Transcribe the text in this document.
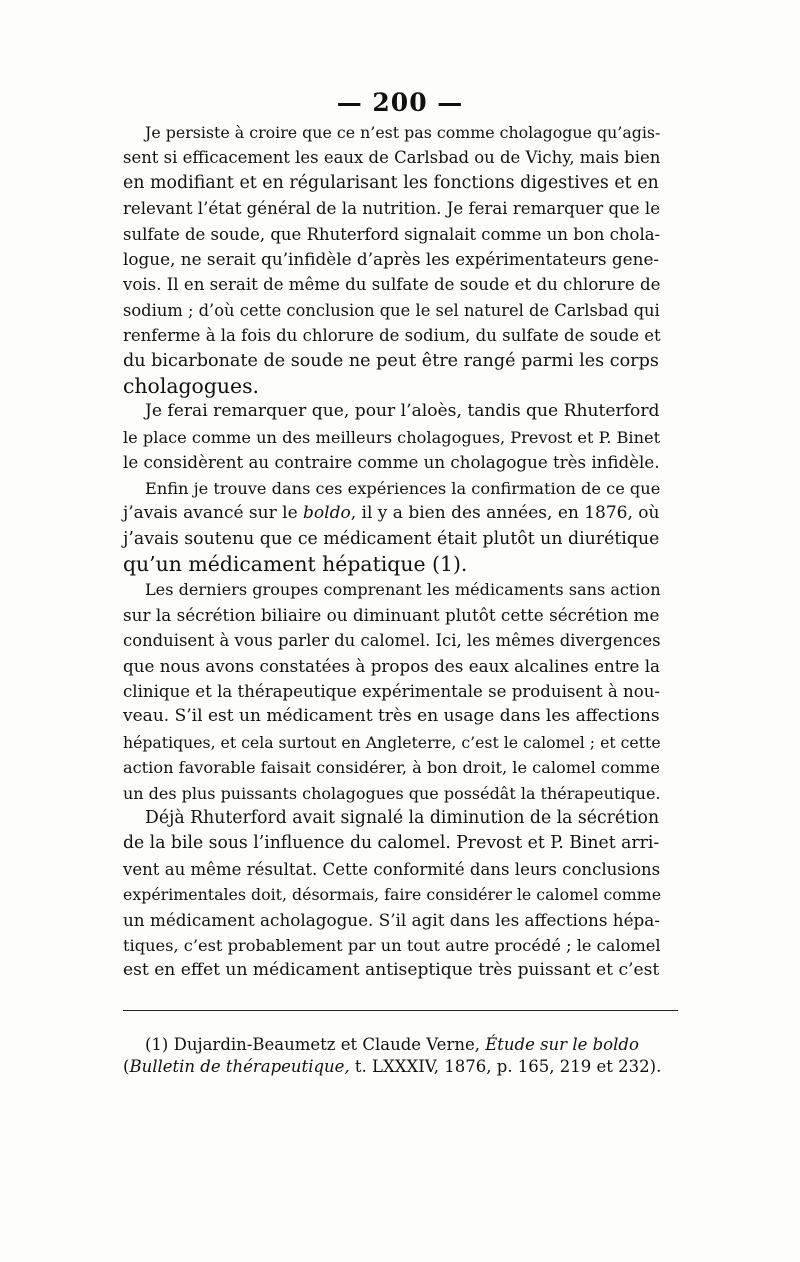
— 200 —
Je persiste à croire que ce n’est pas comme cholagogue qu’agis-
sent si efficacement les eaux de Carlsbad ou de Vichy, mais bien
en modifiant et en régularisant les fonctions digestives et en
relevant l’état général de la nutrition. Je ferai remarquer que le
sulfate de soude, que Rhuterford signalait comme un bon chola-
logue, ne serait qu’infidèle d’après les expérimentateurs gene-
vois. Il en serait de même du sulfate de soude et du chlorure de
sodium ; d’où cette conclusion que le sel naturel de Carlsbad qui
renferme à la fois du chlorure de sodium, du sulfate de soude et
du bicarbonate de soude ne peut être rangé parmi les corps
cholagogues.
Je ferai remarquer que, pour l’aloès, tandis que Rhuterford
le place comme un des meilleurs cholagogues, Prevost et P. Binet
le considèrent au contraire comme un cholagogue très infidèle.
Enfin je trouve dans ces expériences la confirmation de ce que
j’avais avancé sur le boldo, il y a bien des années, en 1876, où
j’avais soutenu que ce médicament était plutôt un diurétique
qu’un médicament hépatique (1).
Les derniers groupes comprenant les médicaments sans action
sur la sécrétion biliaire ou diminuant plutôt cette sécrétion me
conduisent à vous parler du calomel. Ici, les mêmes divergences
que nous avons constatées à propos des eaux alcalines entre la
clinique et la thérapeutique expérimentale se produisent à nou-
veau. S’il est un médicament très en usage dans les affections
hépatiques, et cela surtout en Angleterre, c’est le calomel ; et cette
action favorable faisait considérer, à bon droit, le calomel comme
un des plus puissants cholagogues que possédât la thérapeutique.
Déjà Rhuterford avait signalé la diminution de la sécrétion
de la bile sous l’influence du calomel. Prevost et P. Binet arri-
vent au même résultat. Cette conformité dans leurs conclusions
expérimentales doit, désormais, faire considérer le calomel comme
un médicament acholagogue. S’il agit dans les affections hépa-
tiques, c’est probablement par un tout autre procédé ; le calomel
est en effet un médicament antiseptique très puissant et c’est
(1) Dujardin-Beaumetz et Claude Verne, Étude sur le boldo (Bulletin de thérapeutique, t. LXXXIV, 1876, p. 165, 219 et 232).
